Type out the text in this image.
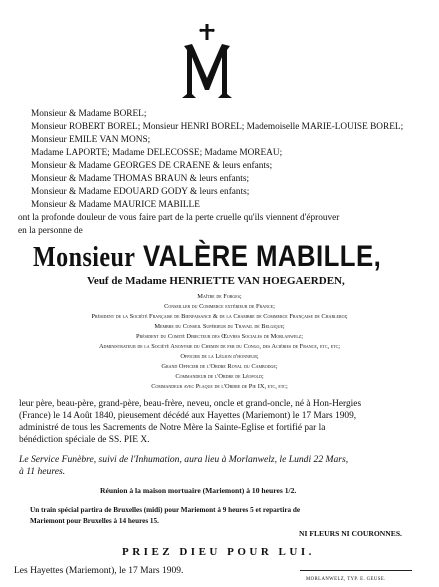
Monsieur & Madame BOREL;
Monsieur ROBERT BOREL; Monsieur HENRI BOREL; Mademoiselle MARIE-LOUISE BOREL;
Monsieur EMILE VAN MONS;
Madame LAPORTE; Madame DELECOSSE; Madame MOREAU;
Monsieur & Madame GEORGES DE CRAENE & leurs enfants;
Monsieur & Madame THOMAS BRAUN & leurs enfants;
Monsieur & Madame EDOUARD GODY & leurs enfants;
Monsieur & Madame MAURICE MABILLE
ont la profonde douleur de vous faire part de la perte cruelle qu'ils viennent d'éprouver
en la personne de
Monsieur VALÈRE MABILLE,
Veuf de Madame HENRIETTE VAN HOEGAERDEN,
Maître de Forges;
Conseiller du Commerce extérieur de France;
Président de la Société Française de Bienfaisance & de la Chambre de Commerce Française de Charleroi;
Membre du Conseil Supérieur du Travail de Belgique;
Président du Comité Directeur des Œuvres Sociales de Morlanwelz;
Administrateur de la Société Anonyme du Chemin de fer du Congo, des Aciéries de France, etc, etc;
Officier de la Légion d'honneur;
Grand Officier de l'Ordre Royal du Cambodge;
Commandeur de l'Ordre de Léopold;
Commandeur avec Plaque de l'Ordre de Pie IX, etc, etc;
leur père, beau-père, grand-père, beau-frère, neveu, oncle et grand-oncle, né à Hon-Hergies
(France) le 14 Août 1840, pieusement décédé aux Hayettes (Mariemont) le 17 Mars 1909,
administré de tous les Sacrements de Notre Mère la Sainte-Eglise et fortifié par la
bénédiction spéciale de SS. PIE X.
Le Service Funèbre, suivi de l'Inhumation, aura lieu à Morlanwelz, le Lundi 22 Mars,
à 11 heures.
Réunion à la maison mortuaire (Mariemont) à 10 heures 1/2.
Un train spécial partira de Bruxelles (midi) pour Mariemont à 9 heures 5 et repartira de
Mariemont pour Bruxelles à 14 heures 15.
NI FLEURS NI COURONNES.
PRIEZ DIEU POUR LUI.
Les Hayettes (Mariemont), le 17 Mars 1909.
MORLANWELZ, TYP. E. GEUSE.
